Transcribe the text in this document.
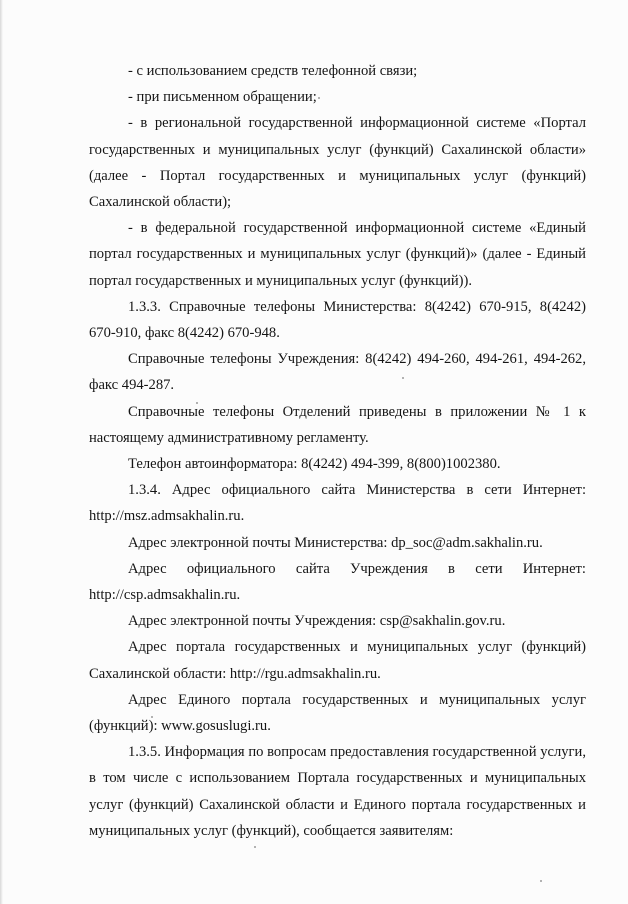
- с использованием средств телефонной связи;

- при письменном обращении;

- в региональной государственной информационной системе «Портал государственных и муниципальных услуг (функций) Сахалинской области» (далее - Портал государственных и муниципальных услуг (функций) Сахалинской области);

- в федеральной государственной информационной системе «Единый портал государственных и муниципальных услуг (функций)» (далее - Единый портал государственных и муниципальных услуг (функций)).

1.3.3. Справочные телефоны Министерства: 8(4242) 670-915, 8(4242) 670-910, факс 8(4242) 670-948.

Справочные телефоны Учреждения: 8(4242) 494-260, 494-261, 494-262, факс 494-287.

Справочные телефоны Отделений приведены в приложении № 1 к настоящему административному регламенту.

Телефон автоинформатора: 8(4242) 494-399, 8(800)1002380.

1.3.4. Адрес официального сайта Министерства в сети Интернет: http://msz.admsakhalin.ru.

Адрес электронной почты Министерства: dp_soc@adm.sakhalin.ru.

Адрес официального сайта Учреждения в сети Интернет: http://csp.admsakhalin.ru.

Адрес электронной почты Учреждения: csp@sakhalin.gov.ru.

Адрес портала государственных и муниципальных услуг (функций) Сахалинской области: http://rgu.admsakhalin.ru.

Адрес Единого портала государственных и муниципальных услуг (функций): www.gosuslugi.ru.

1.3.5. Информация по вопросам предоставления государственной услуги, в том числе с использованием Портала государственных и муниципальных услуг (функций) Сахалинской области и Единого портала государственных и муниципальных услуг (функций), сообщается заявителям:
